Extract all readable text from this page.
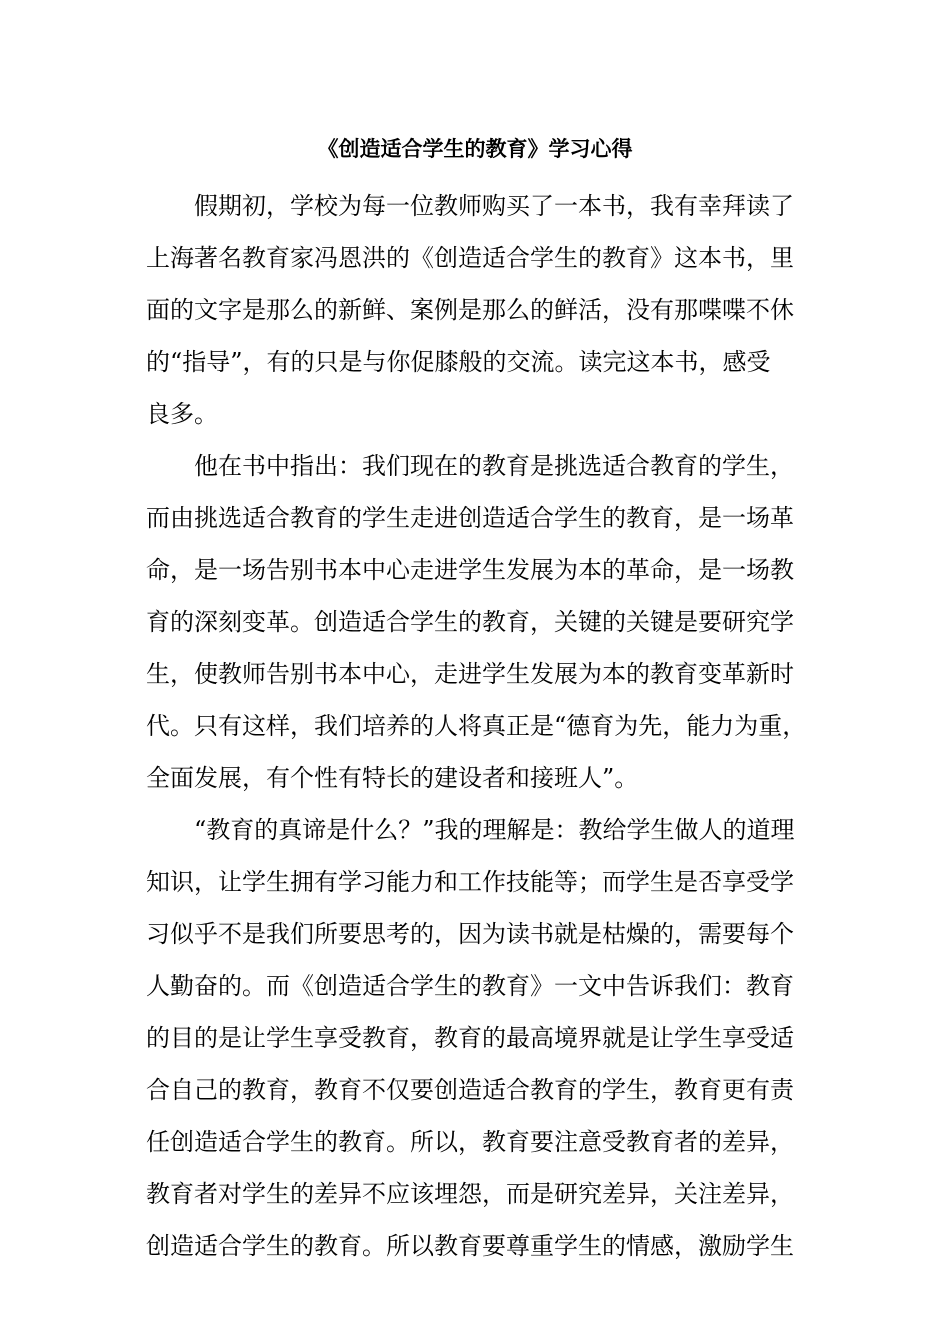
《创造适合学生的教育》学习心得
假期初，学校为每一位教师购买了一本书，我有幸拜读了
上海著名教育家冯恩洪的《创造适合学生的教育》这本书，里
面的文字是那么的新鲜、案例是那么的鲜活，没有那喋喋不休
的“指导”，有的只是与你促膝般的交流。读完这本书，感受
良多。
他在书中指出：我们现在的教育是挑选适合教育的学生，
而由挑选适合教育的学生走进创造适合学生的教育，是一场革
命，是一场告别书本中心走进学生发展为本的革命，是一场教
育的深刻变革。创造适合学生的教育，关键的关键是要研究学
生，使教师告别书本中心，走进学生发展为本的教育变革新时
代。只有这样，我们培养的人将真正是“德育为先，能力为重，
全面发展，有个性有特长的建设者和接班人”。
“教育的真谛是什么？”我的理解是：教给学生做人的道理
知识，让学生拥有学习能力和工作技能等；而学生是否享受学
习似乎不是我们所要思考的，因为读书就是枯燥的，需要每个
人勤奋的。而《创造适合学生的教育》一文中告诉我们：教育
的目的是让学生享受教育，教育的最高境界就是让学生享受适
合自己的教育，教育不仅要创造适合教育的学生，教育更有责
任创造适合学生的教育。所以，教育要注意受教育者的差异，
教育者对学生的差异不应该埋怨，而是研究差异，关注差异，
创造适合学生的教育。所以教育要尊重学生的情感，激励学生
